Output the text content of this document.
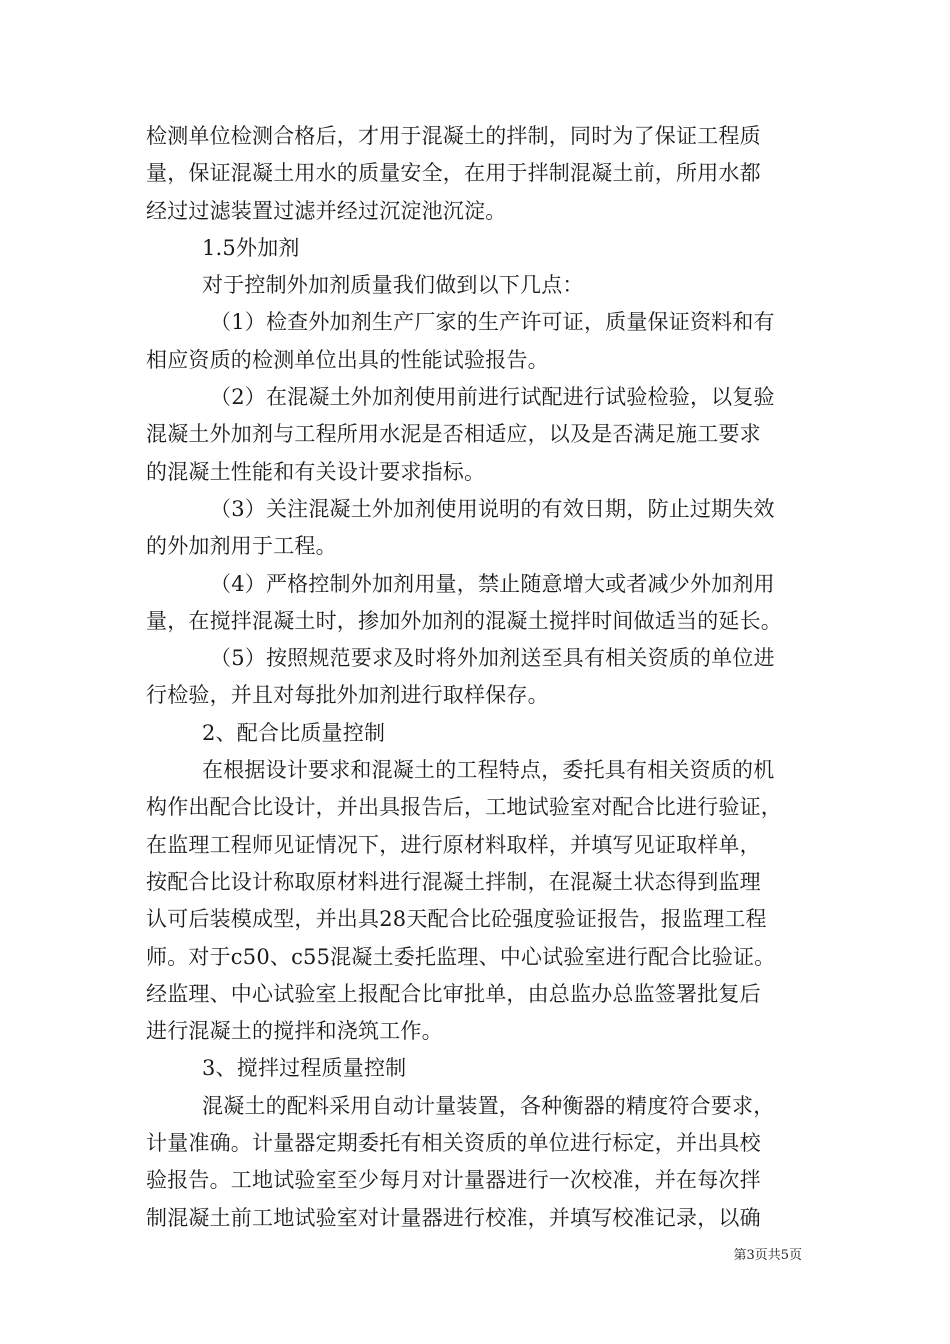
检测单位检测合格后，才用于混凝土的拌制，同时为了保证工程质
量，保证混凝土用水的质量安全，在用于拌制混凝土前，所用水都
经过过滤装置过滤并经过沉淀池沉淀。
1.5外加剂
对于控制外加剂质量我们做到以下几点：
（1）检查外加剂生产厂家的生产许可证，质量保证资料和有
相应资质的检测单位出具的性能试验报告。
（2）在混凝土外加剂使用前进行试配进行试验检验，以复验
混凝土外加剂与工程所用水泥是否相适应，以及是否满足施工要求
的混凝土性能和有关设计要求指标。
（3）关注混凝土外加剂使用说明的有效日期，防止过期失效
的外加剂用于工程。
（4）严格控制外加剂用量，禁止随意增大或者减少外加剂用
量，在搅拌混凝土时，掺加外加剂的混凝土搅拌时间做适当的延长。
（5）按照规范要求及时将外加剂送至具有相关资质的单位进
行检验，并且对每批外加剂进行取样保存。
2、配合比质量控制
在根据设计要求和混凝土的工程特点，委托具有相关资质的机
构作出配合比设计，并出具报告后，工地试验室对配合比进行验证，
在监理工程师见证情况下，进行原材料取样，并填写见证取样单，
按配合比设计称取原材料进行混凝土拌制，在混凝土状态得到监理
认可后装模成型，并出具28天配合比砼强度验证报告，报监理工程
师。对于c50、c55混凝土委托监理、中心试验室进行配合比验证。
经监理、中心试验室上报配合比审批单，由总监办总监签署批复后
进行混凝土的搅拌和浇筑工作。
3、搅拌过程质量控制
混凝土的配料采用自动计量装置，各种衡器的精度符合要求，
计量准确。计量器定期委托有相关资质的单位进行标定，并出具校
验报告。工地试验室至少每月对计量器进行一次校准，并在每次拌
制混凝土前工地试验室对计量器进行校准，并填写校准记录，以确
第3页共5页
